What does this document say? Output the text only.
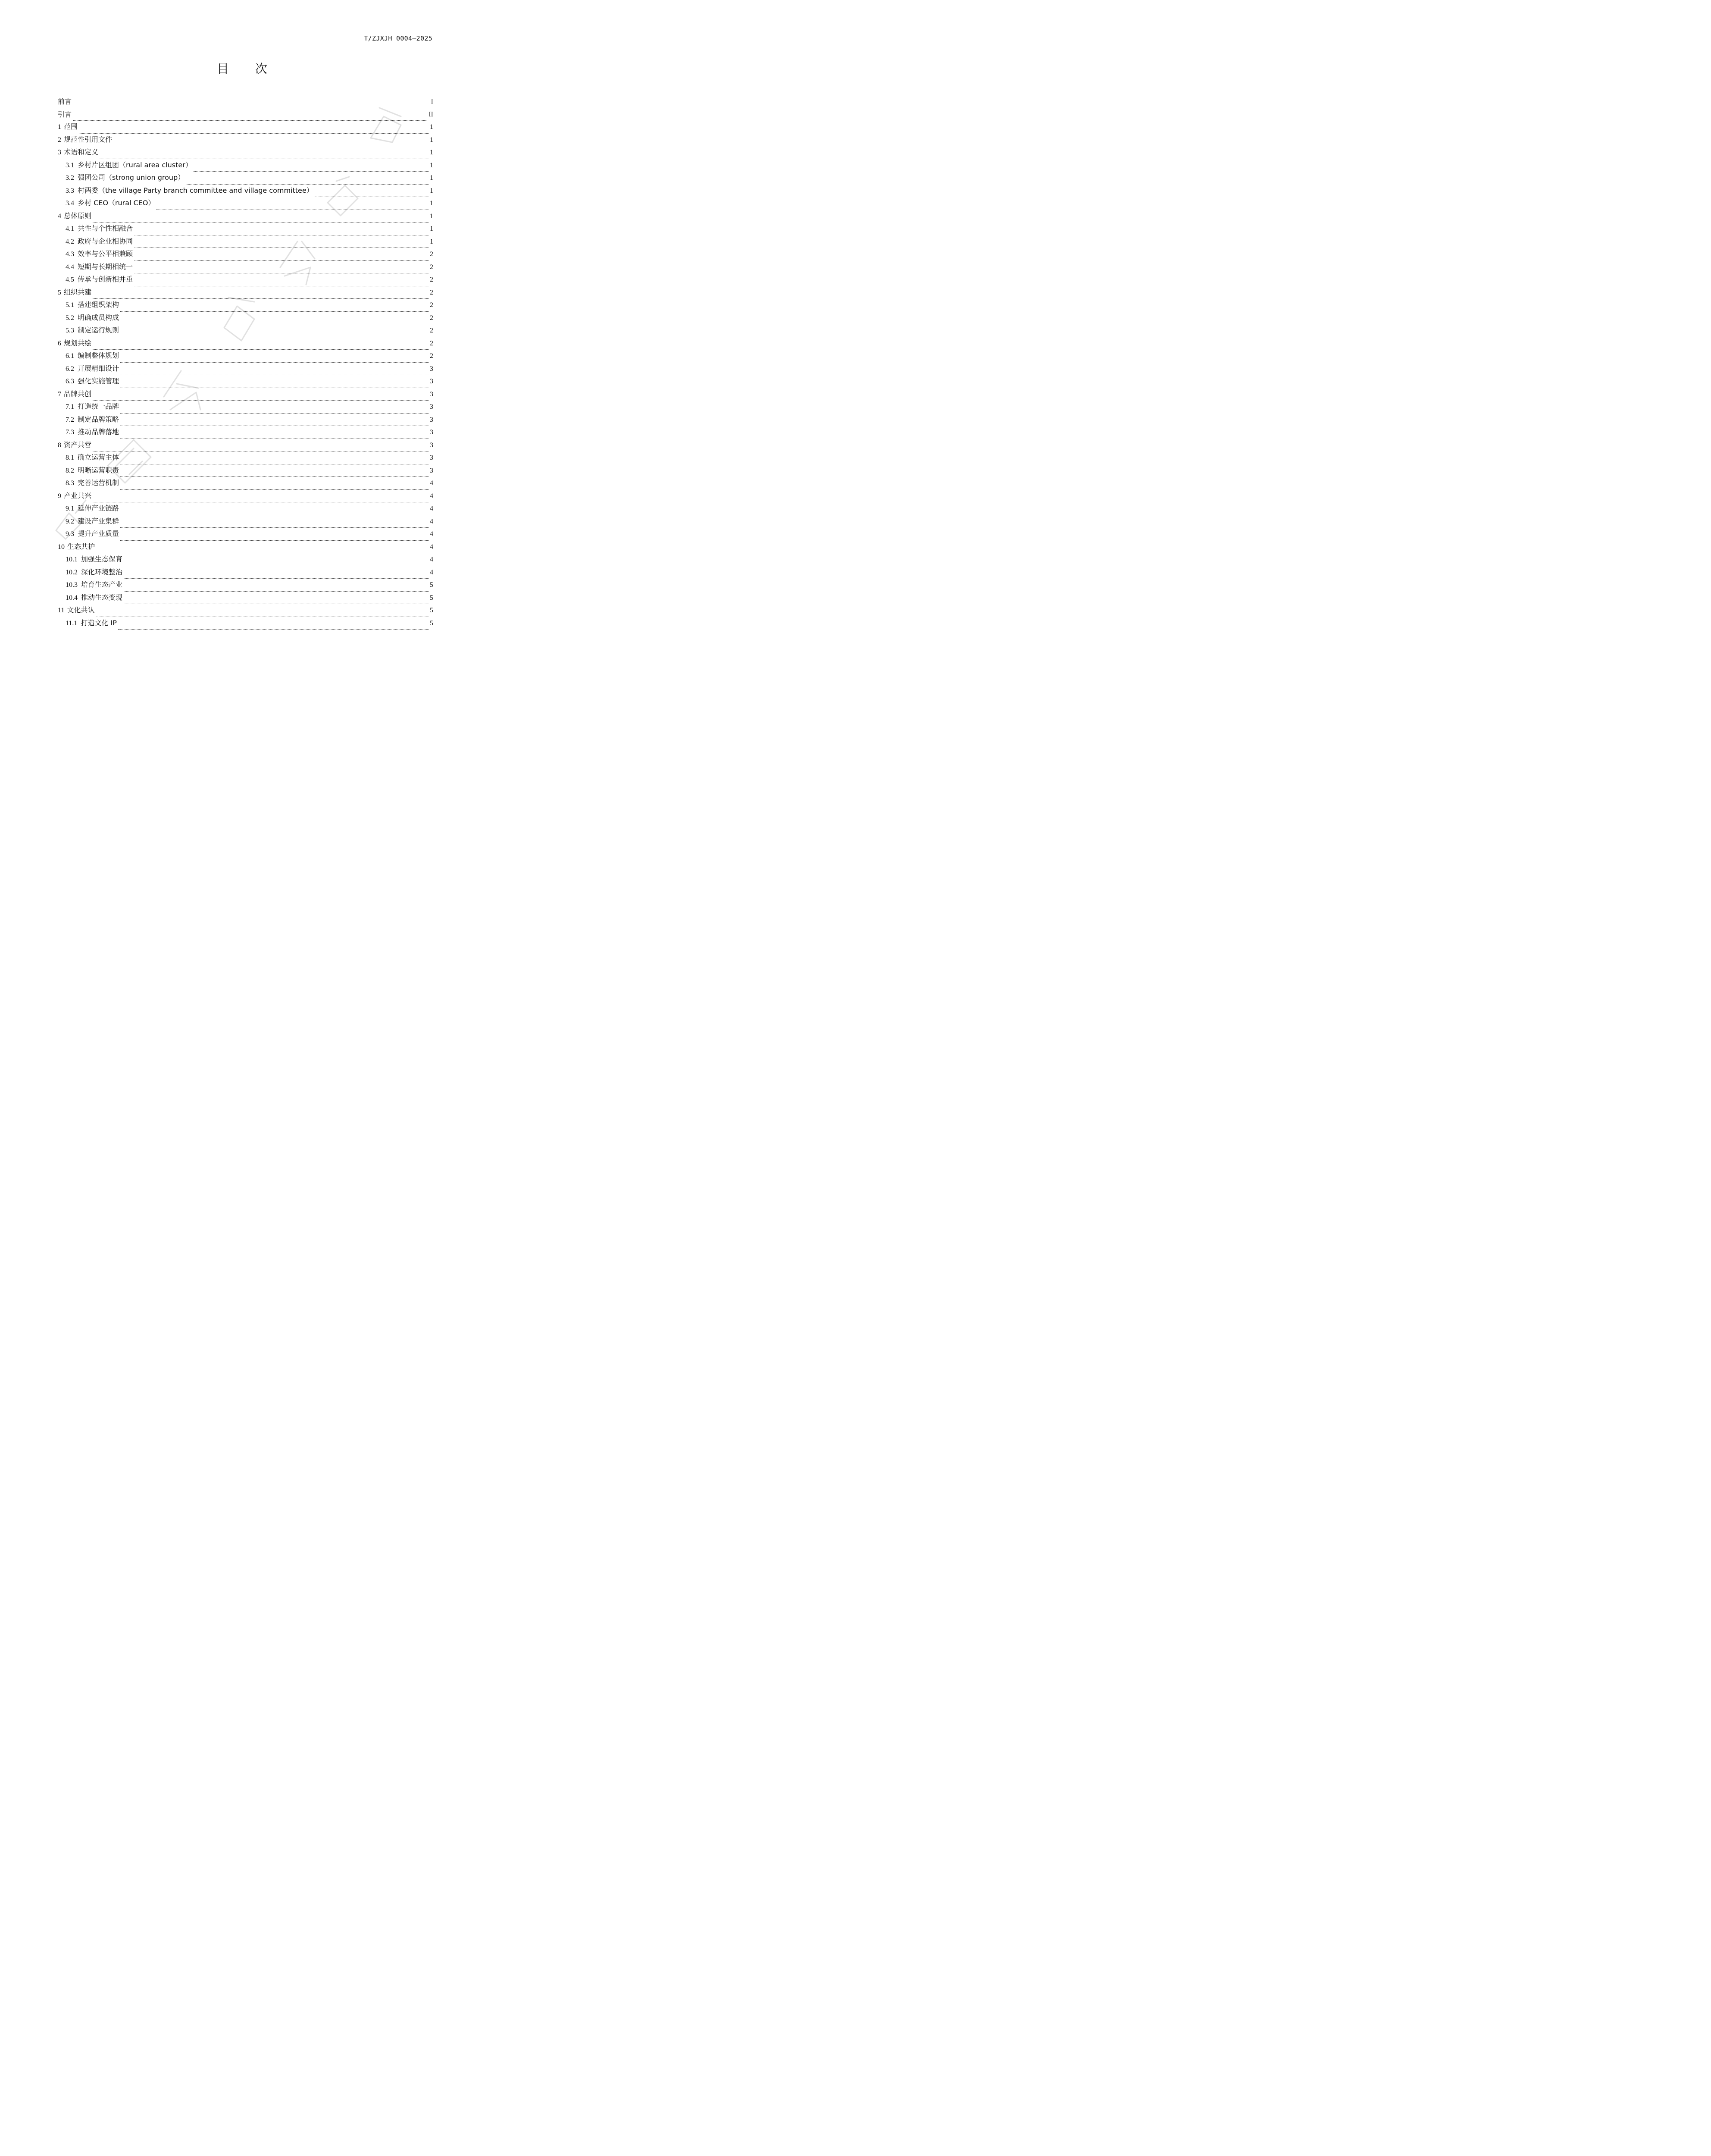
T/ZJXJH 0004—2025
目 次
前言	I
引言	II
1 范围	1
2 规范性引用文件	1
3 术语和定义	1
3.1 乡村片区组团（rural area cluster）	1
3.2 强团公司（strong union group）	1
3.3 村两委（the village Party branch committee and village committee）	1
3.4 乡村 CEO（rural CEO）	1
4 总体原则	1
4.1 共性与个性相融合	1
4.2 政府与企业相协同	1
4.3 效率与公平相兼顾	2
4.4 短期与长期相统一	2
4.5 传承与创新相并重	2
5 组织共建	2
5.1 搭建组织架构	2
5.2 明确成员构成	2
5.3 制定运行规则	2
6 规划共绘	2
6.1 编制整体规划	2
6.2 开展精细设计	3
6.3 强化实施管理	3
7 品牌共创	3
7.1 打造统一品牌	3
7.2 制定品牌策略	3
7.3 推动品牌落地	3
8 资产共营	3
8.1 确立运营主体	3
8.2 明晰运营职责	3
8.3 完善运营机制	4
9 产业共兴	4
9.1 延伸产业链路	4
9.2 建设产业集群	4
9.3 提升产业质量	4
10 生态共护	4
10.1 加强生态保育	4
10.2 深化环境整治	4
10.3 培育生态产业	5
10.4 推动生态变现	5
11 文化共认	5
11.1 打造文化 IP	5
